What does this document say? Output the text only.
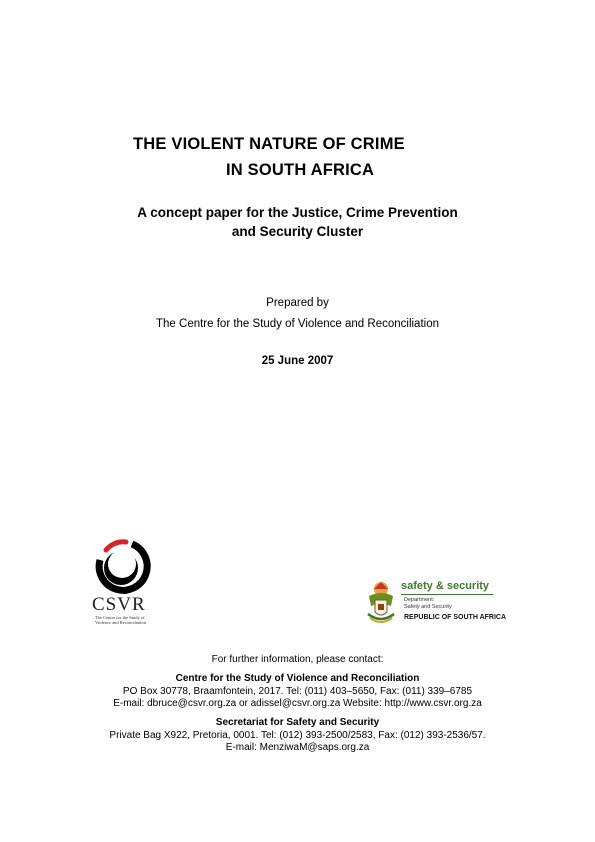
THE VIOLENT NATURE OF CRIME
IN SOUTH AFRICA
A concept paper for the Justice, Crime Prevention
and Security Cluster
Prepared by
The Centre for the Study of Violence and Reconciliation
25 June 2007
CSVR
The Centre for the Study of
Violence and Reconciliation
safety & security
Department:
Safety and Security
REPUBLIC OF SOUTH AFRICA
For further information, please contact:
Centre for the Study of Violence and Reconciliation
PO Box 30778, Braamfontein, 2017. Tel: (011) 403–5650, Fax: (011) 339–6785
E-mail: dbruce@csvr.org.za or adissel@csvr.org.za Website: http://www.csvr.org.za
Secretariat for Safety and Security
Private Bag X922, Pretoria, 0001. Tel: (012) 393-2500/2583, Fax: (012) 393-2536/57.
E-mail: MenziwaM@saps.org.za
